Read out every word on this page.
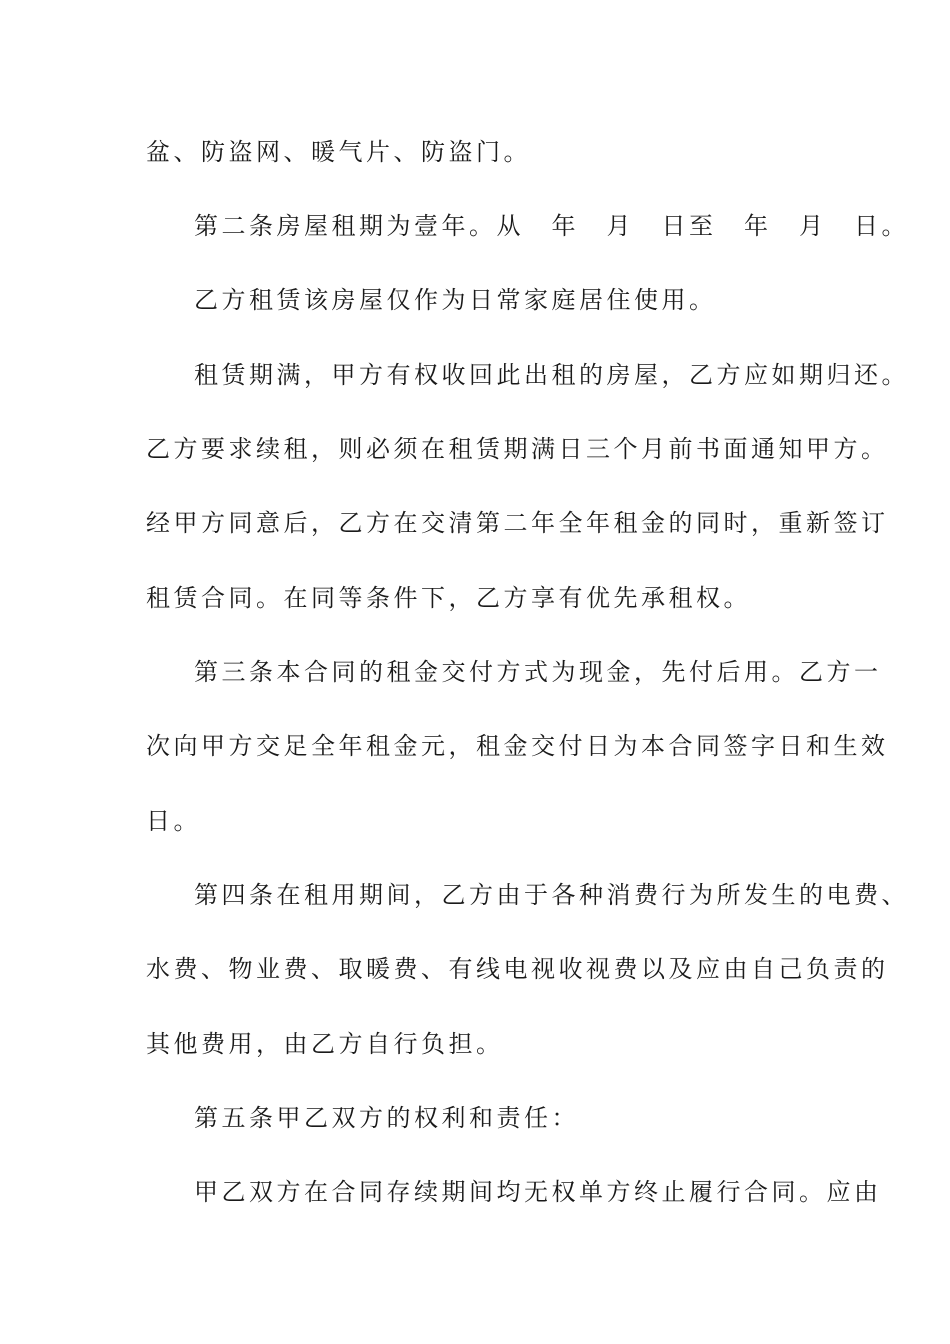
盆、防盗网、暖气片、防盗门。
第二条房屋租期为壹年。从　年　月　日至　年　月　日。
乙方租赁该房屋仅作为日常家庭居住使用。
租赁期满，甲方有权收回此出租的房屋，乙方应如期归还。
乙方要求续租，则必须在租赁期满日三个月前书面通知甲方。
经甲方同意后，乙方在交清第二年全年租金的同时，重新签订
租赁合同。在同等条件下，乙方享有优先承租权。
第三条本合同的租金交付方式为现金，先付后用。乙方一
次向甲方交足全年租金元，租金交付日为本合同签字日和生效
日。
第四条在租用期间，乙方由于各种消费行为所发生的电费、
水费、物业费、取暖费、有线电视收视费以及应由自己负责的
其他费用，由乙方自行负担。
第五条甲乙双方的权利和责任：
甲乙双方在合同存续期间均无权单方终止履行合同。应由
